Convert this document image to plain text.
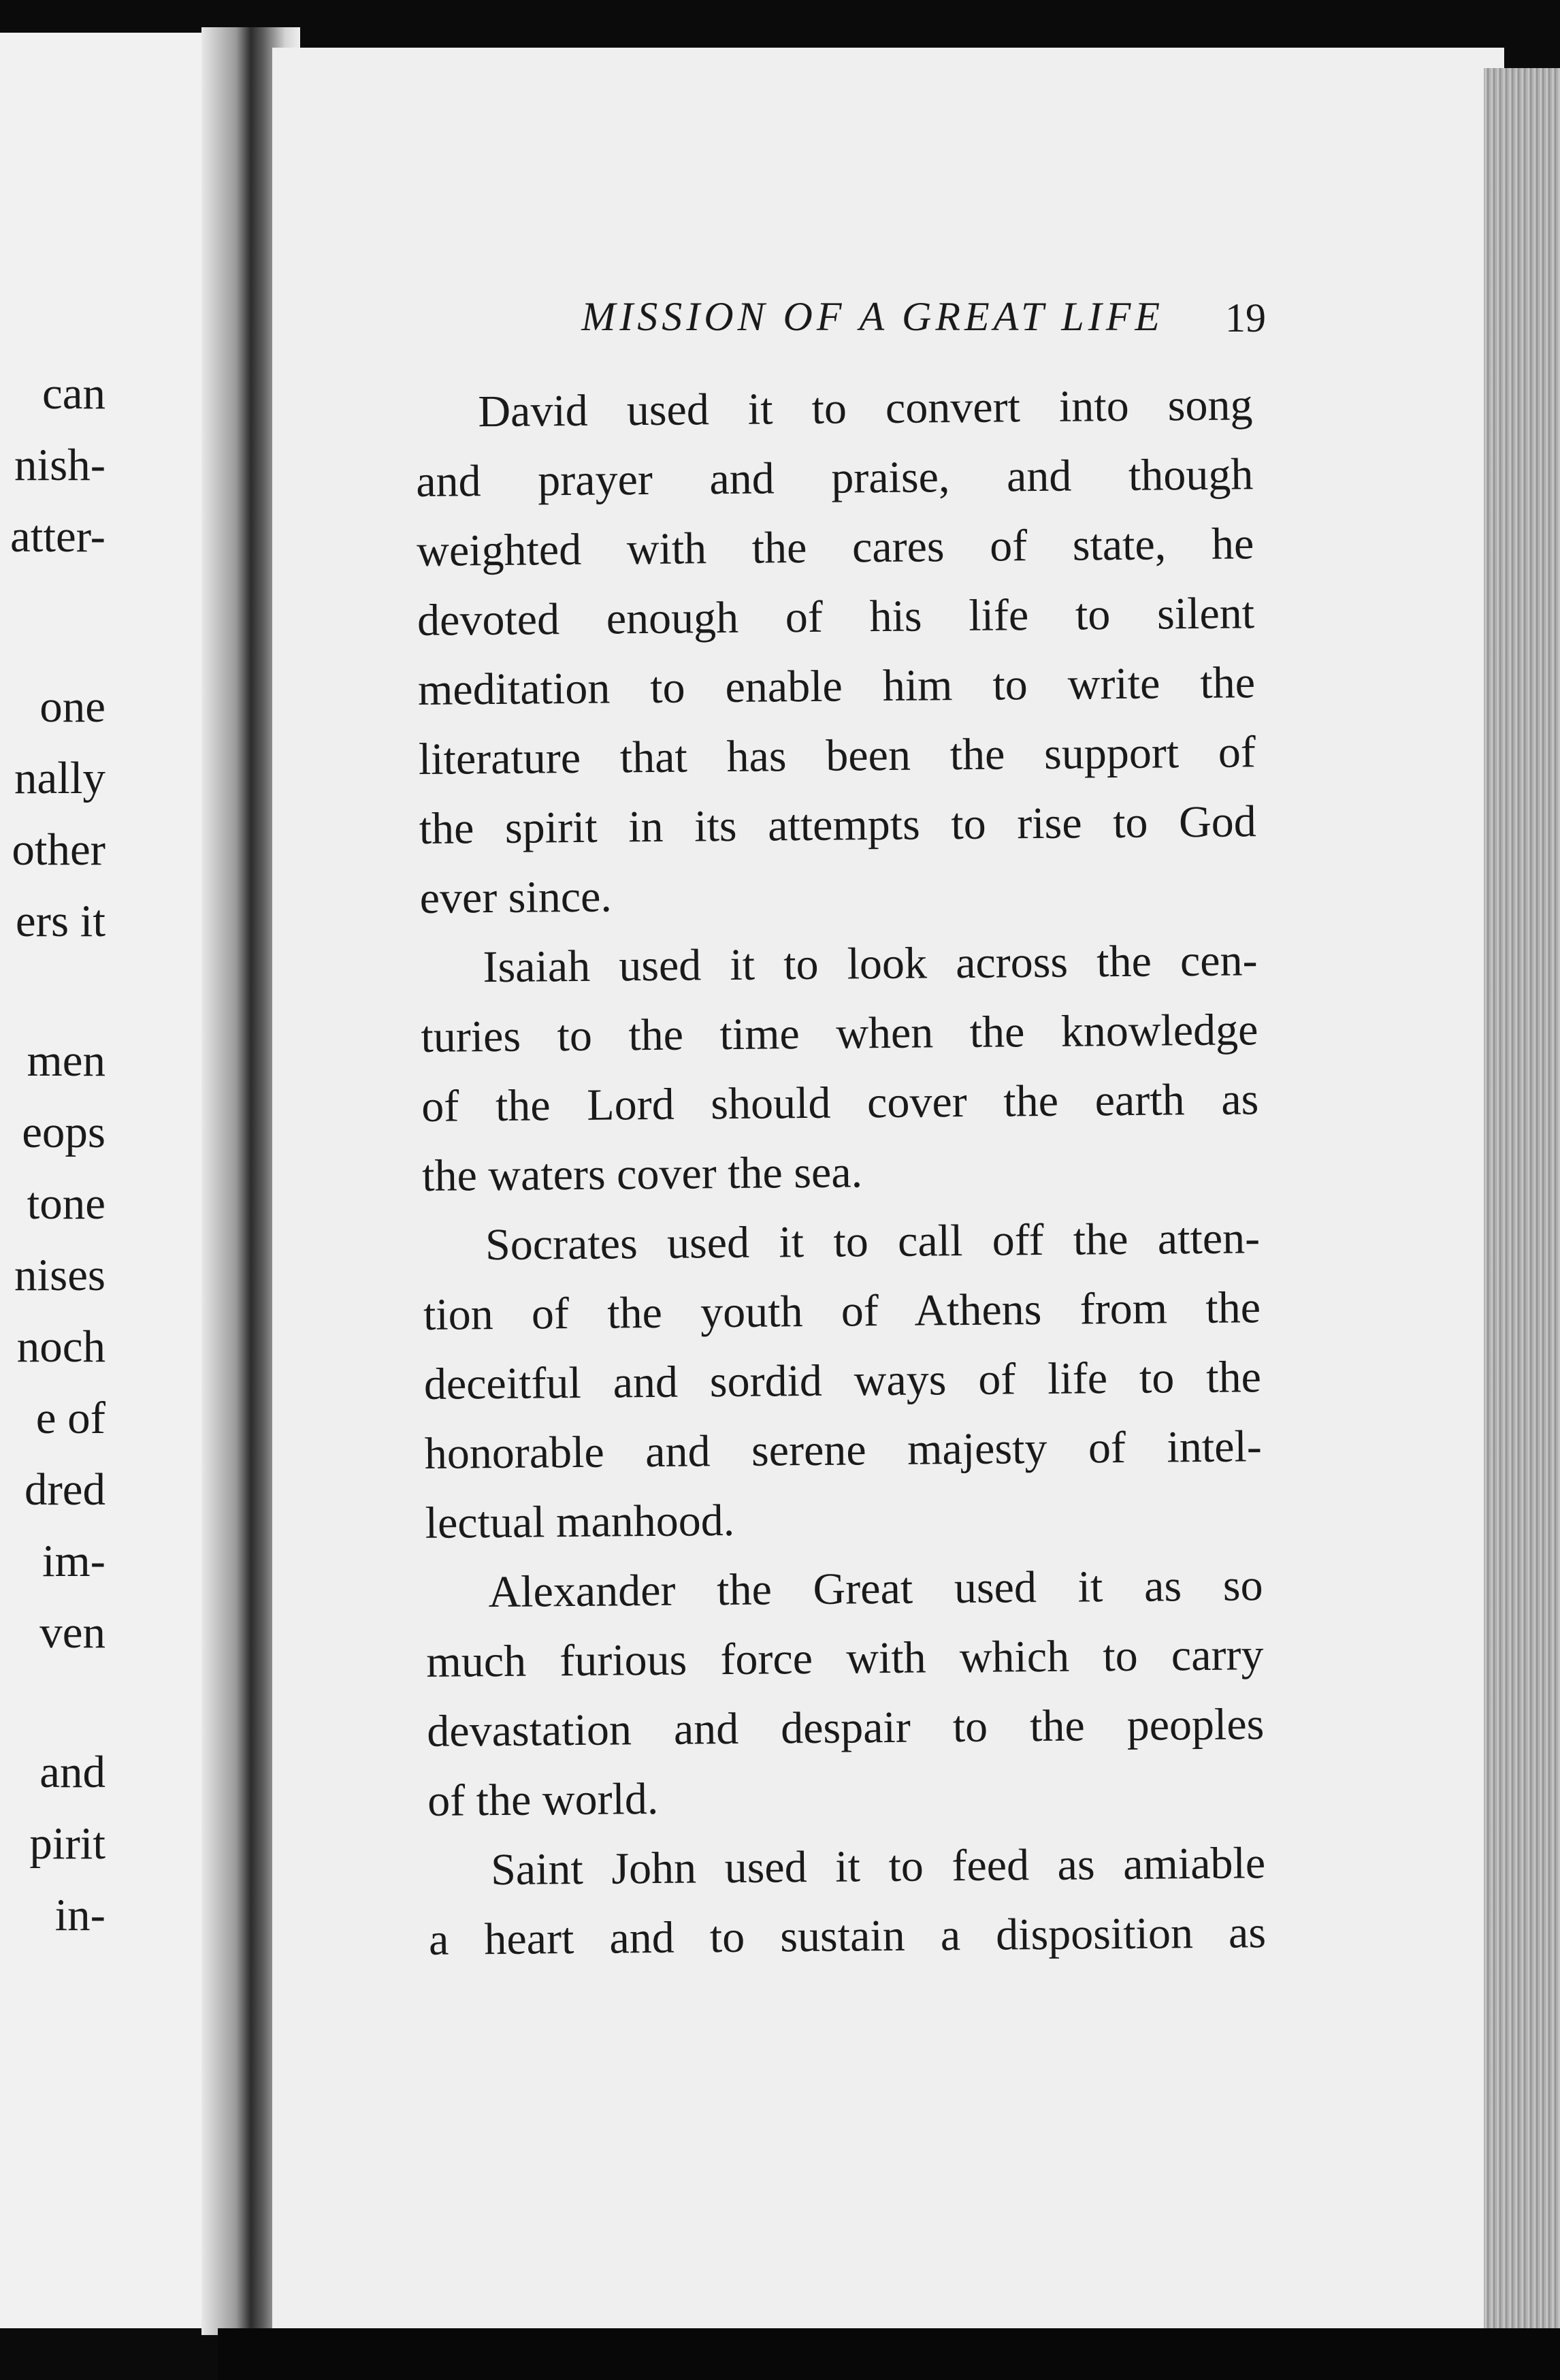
can
nish-
atter-
one
nally
other
ers it
men
eops
tone
nises
noch
e of
dred
im-
ven
and
pirit
in-
MISSION OF A GREAT LIFE 19
David used it to convert into song
and prayer and praise, and though
weighted with the cares of state, he
devoted enough of his life to silent
meditation to enable him to write the
literature that has been the support of
the spirit in its attempts to rise to God
ever since.
Isaiah used it to look across the cen-
turies to the time when the knowledge
of the Lord should cover the earth as
the waters cover the sea.
Socrates used it to call off the atten-
tion of the youth of Athens from the
deceitful and sordid ways of life to the
honorable and serene majesty of intel-
lectual manhood.
Alexander the Great used it as so
much furious force with which to carry
devastation and despair to the peoples
of the world.
Saint John used it to feed as amiable
a heart and to sustain a disposition as
